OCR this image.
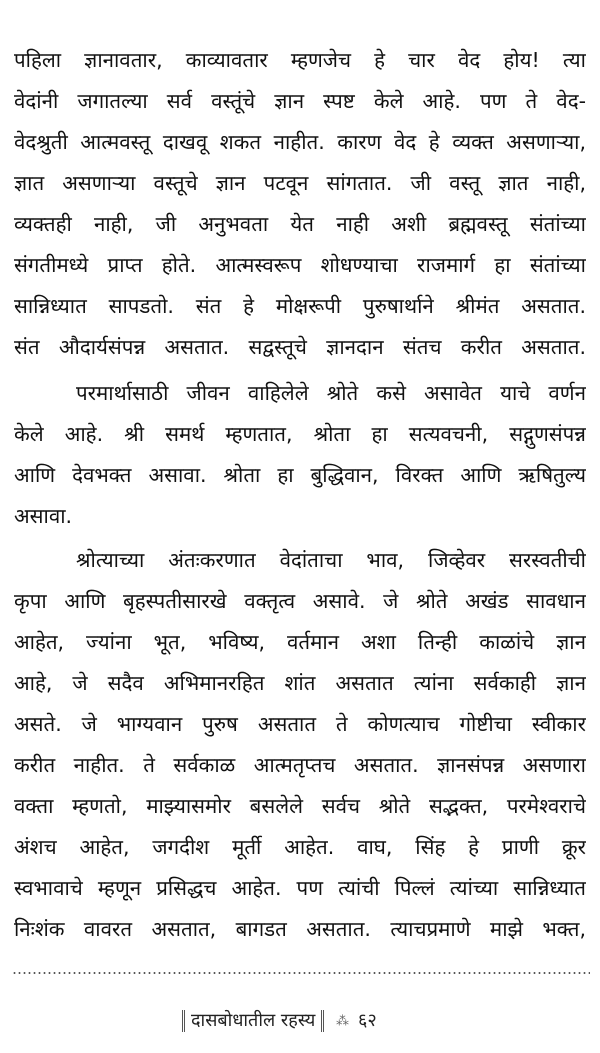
पहिला ज्ञानावतार, काव्यावतार म्हणजेच हे चार वेद होय! त्या
वेदांनी जगातल्या सर्व वस्तूंचे ज्ञान स्पष्ट केले आहे. पण ते वेद-
वेदश्रुती आत्मवस्तू दाखवू शकत नाहीत. कारण वेद हे व्यक्त असणाऱ्या,
ज्ञात असणाऱ्या वस्तूचे ज्ञान पटवून सांगतात. जी वस्तू ज्ञात नाही,
व्यक्तही नाही, जी अनुभवता येत नाही अशी ब्रह्मवस्तू संतांच्या
संगतीमध्ये प्राप्त होते. आत्मस्वरूप शोधण्याचा राजमार्ग हा संतांच्या
सान्निध्यात सापडतो. संत हे मोक्षरूपी पुरुषार्थाने श्रीमंत असतात.
संत औदार्यसंपन्न असतात. सद्वस्तूचे ज्ञानदान संतच करीत असतात.
परमार्थासाठी जीवन वाहिलेले श्रोते कसे असावेत याचे वर्णन
केले आहे. श्री समर्थ म्हणतात, श्रोता हा सत्यवचनी, सद्गुणसंपन्न
आणि देवभक्त असावा. श्रोता हा बुद्धिवान, विरक्त आणि ऋषितुल्य
असावा.
श्रोत्याच्या अंतःकरणात वेदांताचा भाव, जिव्हेवर सरस्वतीची
कृपा आणि बृहस्पतीसारखे वक्तृत्व असावे. जे श्रोते अखंड सावधान
आहेत, ज्यांना भूत, भविष्य, वर्तमान अशा तिन्ही काळांचे ज्ञान
आहे, जे सदैव अभिमानरहित शांत असतात त्यांना सर्वकाही ज्ञान
असते. जे भाग्यवान पुरुष असतात ते कोणत्याच गोष्टीचा स्वीकार
करीत नाहीत. ते सर्वकाळ आत्मतृप्तच असतात. ज्ञानसंपन्न असणारा
वक्ता म्हणतो, माझ्यासमोर बसलेले सर्वच श्रोते सद्भक्त, परमेश्वराचे
अंशच आहेत, जगदीश मूर्ती आहेत. वाघ, सिंह हे प्राणी क्रूर
स्वभावाचे म्हणून प्रसिद्धच आहेत. पण त्यांची पिल्लं त्यांच्या सान्निध्यात
निःशंक वावरत असतात, बागडत असतात. त्याचप्रमाणे माझे भक्त,
दासबोधातील रहस्य	⁂ ६२
